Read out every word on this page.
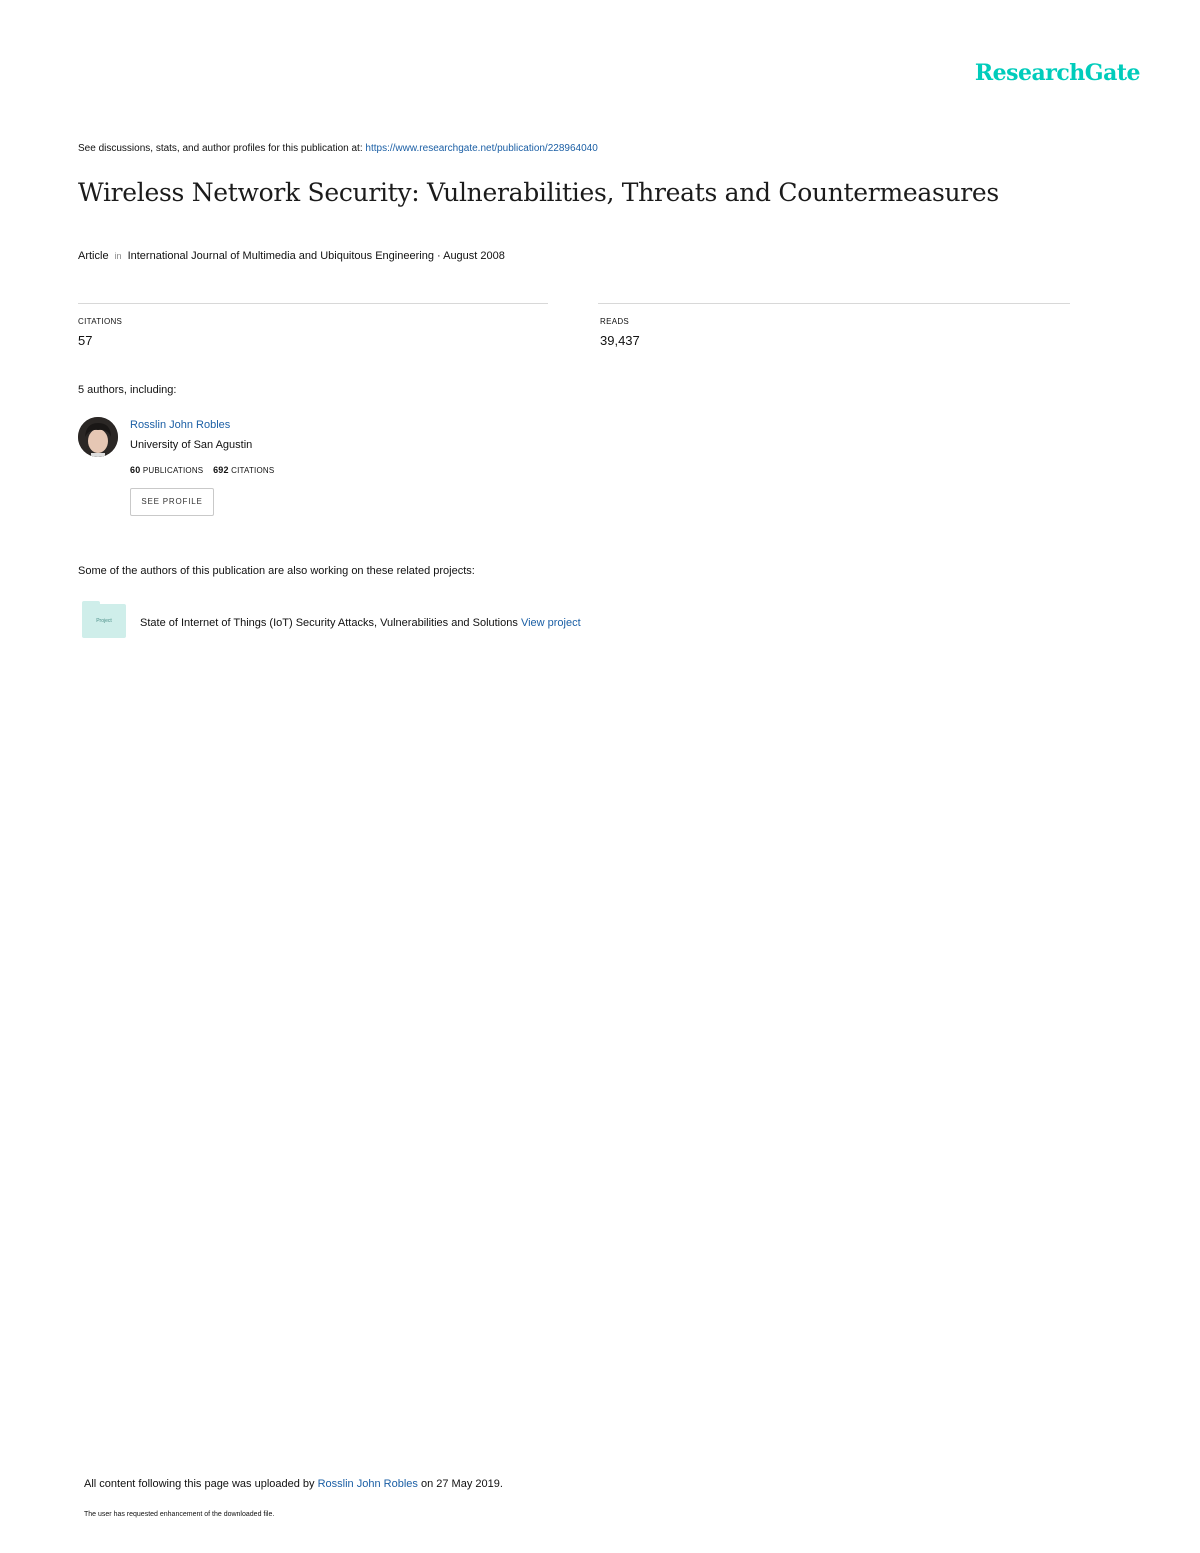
ResearchGate
See discussions, stats, and author profiles for this publication at: https://www.researchgate.net/publication/228964040
Wireless Network Security: Vulnerabilities, Threats and Countermeasures
Article in International Journal of Multimedia and Ubiquitous Engineering · August 2008
CITATIONS
57
READS
39,437
5 authors, including:
Rosslin John Robles
University of San Agustin
60 PUBLICATIONS 692 CITATIONS
SEE PROFILE
Some of the authors of this publication are also working on these related projects:
Project	State of Internet of Things (IoT) Security Attacks, Vulnerabilities and Solutions View project
All content following this page was uploaded by Rosslin John Robles on 27 May 2019.
The user has requested enhancement of the downloaded file.
